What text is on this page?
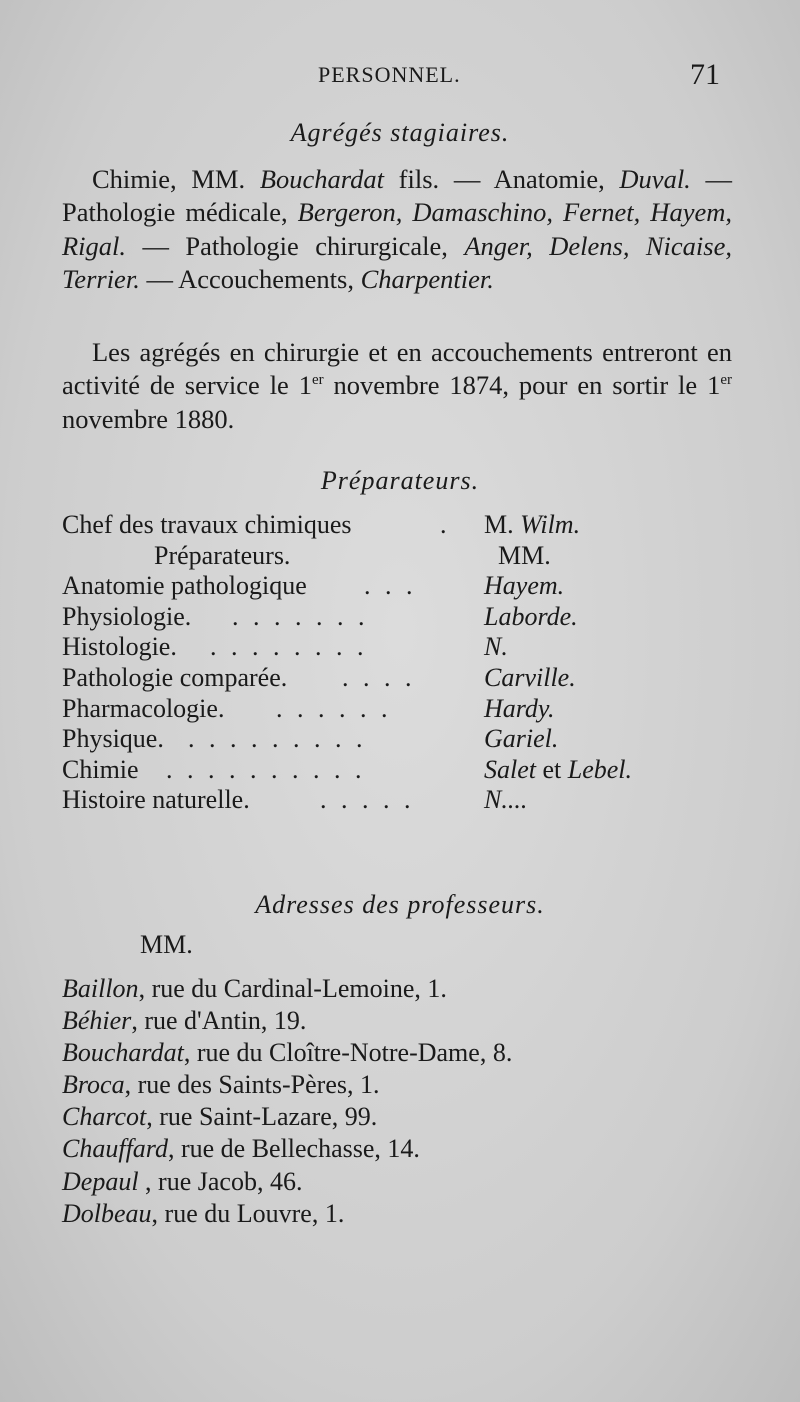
PERSONNEL.	71
Agrégés stagiaires.
Chimie, MM. Bouchardat fils. — Anatomie, Duval. — Pathologie médicale, Bergeron, Damaschino, Fernet, Hayem, Rigal. — Pathologie chirurgicale, Anger, Delens, Nicaise, Terrier. — Accouchements, Charpentier.
Les agrégés en chirurgie et en accouchements entreront en activité de service le 1er novembre 1874, pour en sortir le 1er novembre 1880.
Préparateurs.
Chef des travaux chimiques	. M. Wilm.
Préparateurs.	MM.
Anatomie pathologique . . .	Hayem.
Physiologie. . . . . . . .	Laborde.
Histologie. . . . . . . . .	N.
Pathologie comparée. . . . .	Carville.
Pharmacologie. . . . . . .	Hardy.
Physique. . . . . . . . . .	Gariel.
Chimie . . . . . . . . . .	Salet et Lebel.
Histoire naturelle.	. . . . .	N....
Adresses des professeurs.
MM.
Baillon, rue du Cardinal-Lemoine, 1.
Béhier, rue d'Antin, 19.
Bouchardat, rue du Cloître-Notre-Dame, 8.
Broca, rue des Saints-Pères, 1.
Charcot, rue Saint-Lazare, 99.
Chauffard, rue de Bellechasse, 14.
Depaul , rue Jacob, 46.
Dolbeau, rue du Louvre, 1.
